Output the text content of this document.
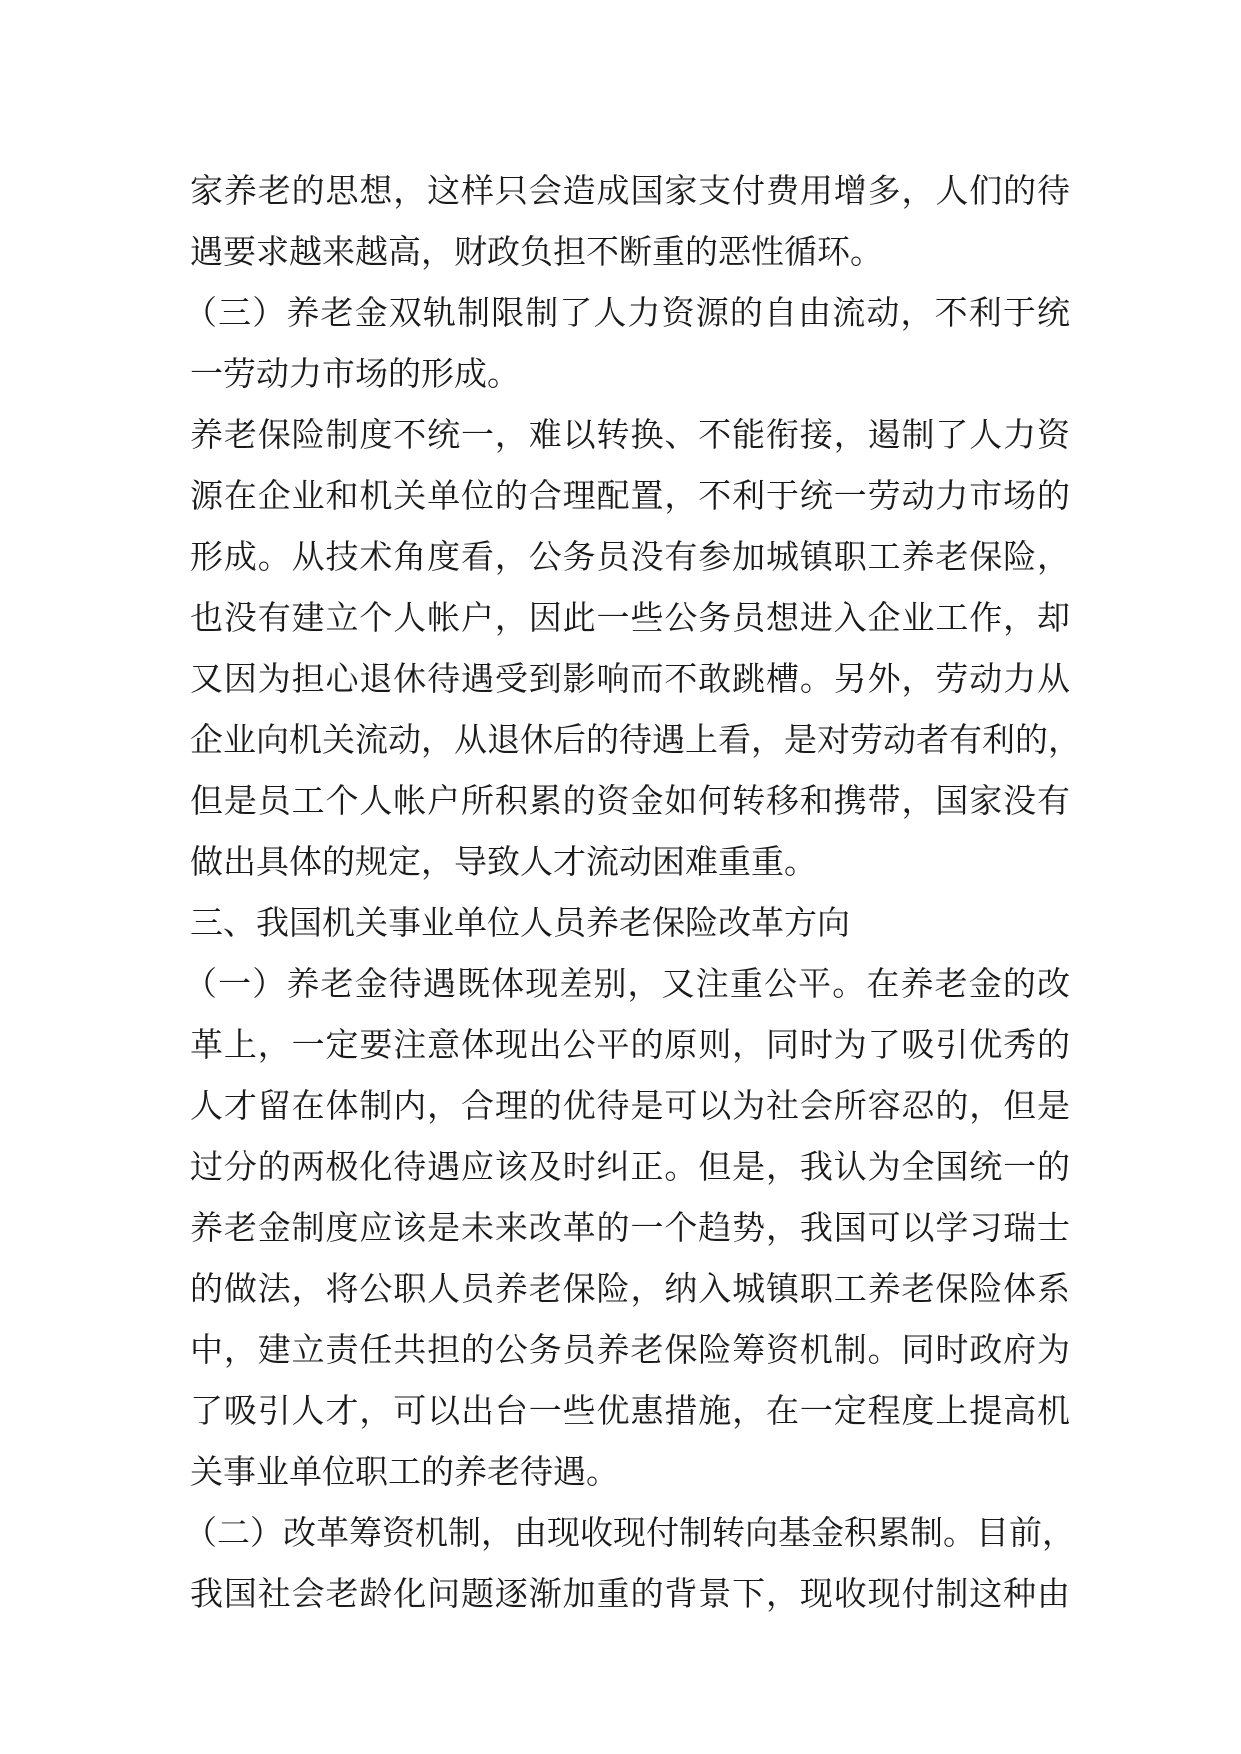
家养老的思想，这样只会造成国家支付费用增多，人们的待
遇要求越来越高，财政负担不断重的恶性循环。
（三）养老金双轨制限制了人力资源的自由流动，不利于统
一劳动力市场的形成。
养老保险制度不统一，难以转换、不能衔接，遏制了人力资
源在企业和机关单位的合理配置，不利于统一劳动力市场的
形成。从技术角度看，公务员没有参加城镇职工养老保险，
也没有建立个人帐户，因此一些公务员想进入企业工作，却
又因为担心退休待遇受到影响而不敢跳槽。另外，劳动力从
企业向机关流动，从退休后的待遇上看，是对劳动者有利的，
但是员工个人帐户所积累的资金如何转移和携带，国家没有
做出具体的规定，导致人才流动困难重重。
三、我国机关事业单位人员养老保险改革方向
（一）养老金待遇既体现差别，又注重公平。在养老金的改
革上，一定要注意体现出公平的原则，同时为了吸引优秀的
人才留在体制内，合理的优待是可以为社会所容忍的，但是
过分的两极化待遇应该及时纠正。但是，我认为全国统一的
养老金制度应该是未来改革的一个趋势，我国可以学习瑞士
的做法，将公职人员养老保险，纳入城镇职工养老保险体系
中，建立责任共担的公务员养老保险筹资机制。同时政府为
了吸引人才，可以出台一些优惠措施，在一定程度上提高机
关事业单位职工的养老待遇。
（二）改革筹资机制，由现收现付制转向基金积累制。目前，
我国社会老龄化问题逐渐加重的背景下，现收现付制这种由
